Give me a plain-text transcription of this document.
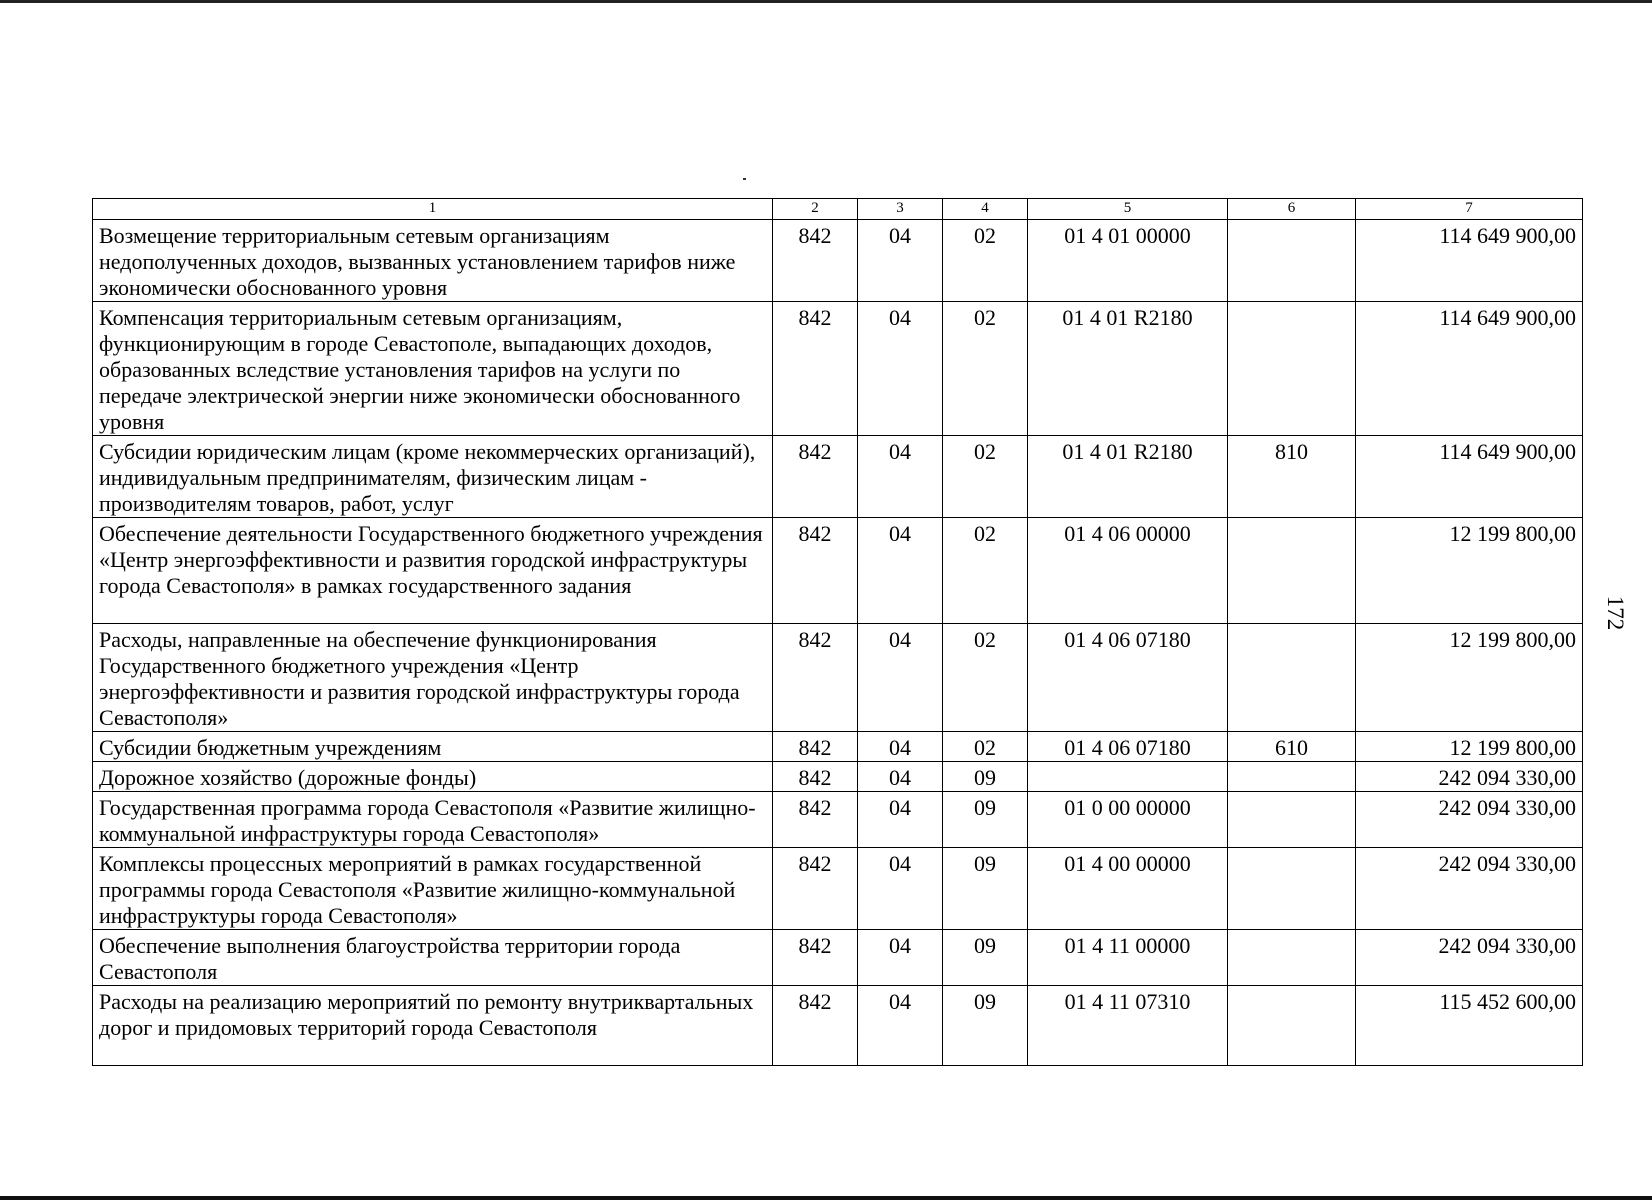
172
1	2	3	4	5	6	7
Возмещение территориальным сетевым организациям недополученных доходов, вызванных установлением тарифов ниже экономически обоснованного уровня	842	04	02	01 4 01 00000		114 649 900,00
Компенсация территориальным сетевым организациям, функционирующим в городе Севастополе, выпадающих доходов, образованных вследствие установления тарифов на услуги по передаче электрической энергии ниже экономически обоснованного уровня	842	04	02	01 4 01 R2180		114 649 900,00
Субсидии юридическим лицам (кроме некоммерческих организаций), индивидуальным предпринимателям, физическим лицам - производителям товаров, работ, услуг	842	04	02	01 4 01 R2180	810	114 649 900,00
Обеспечение деятельности Государственного бюджетного учреждения «Центр энергоэффективности и развития городской инфраструктуры города Севастополя» в рамках государственного задания	842	04	02	01 4 06 00000		12 199 800,00
Расходы, направленные на обеспечение функционирования Государственного бюджетного учреждения «Центр энергоэффективности и развития городской инфраструктуры города Севастополя»	842	04	02	01 4 06 07180		12 199 800,00
Субсидии бюджетным учреждениям	842	04	02	01 4 06 07180	610	12 199 800,00
Дорожное хозяйство (дорожные фонды)	842	04	09			242 094 330,00
Государственная программа города Севастополя «Развитие жилищно-коммунальной инфраструктуры города Севастополя»	842	04	09	01 0 00 00000		242 094 330,00
Комплексы процессных мероприятий в рамках государственной программы города Севастополя «Развитие жилищно-коммунальной инфраструктуры города Севастополя»	842	04	09	01 4 00 00000		242 094 330,00
Обеспечение выполнения благоустройства территории города Севастополя	842	04	09	01 4 11 00000		242 094 330,00
Расходы на реализацию мероприятий по ремонту внутриквартальных дорог и придомовых территорий города Севастополя	842	04	09	01 4 11 07310		115 452 600,00
